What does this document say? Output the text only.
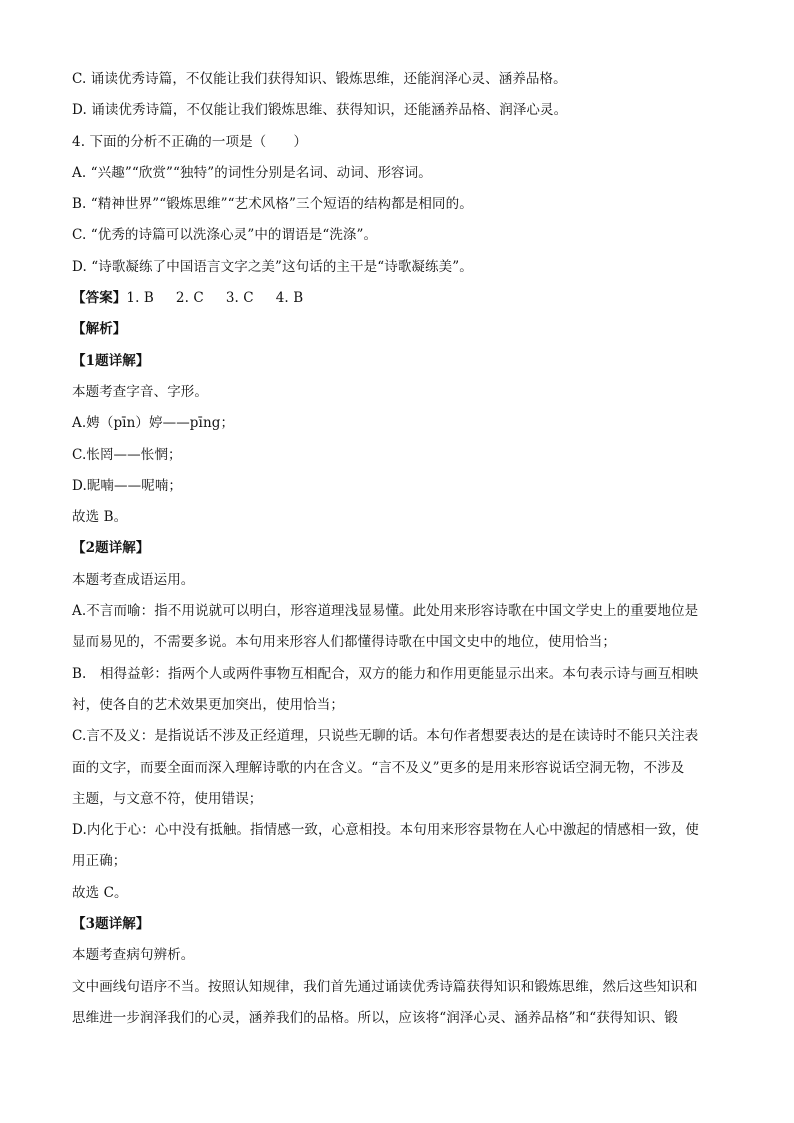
C. 诵读优秀诗篇，不仅能让我们获得知识、锻炼思维，还能润泽心灵、涵养品格。
D. 诵读优秀诗篇，不仅能让我们锻炼思维、获得知识，还能涵养品格、润泽心灵。
4. 下面的分析不正确的一项是（　　）
A. “兴趣”“欣赏”“独特”的词性分别是名词、动词、形容词。
B. “精神世界”“锻炼思维”“艺术风格”三个短语的结构都是相同的。
C. “优秀的诗篇可以洗涤心灵”中的谓语是“洗涤”。
D. “诗歌凝练了中国语言文字之美”这句话的主干是“诗歌凝练美”。
【答案】1. B 2. C 3. C 4. B
【解析】
【1题详解】
本题考查字音、字形。
A.娉（pīn）婷——pīng；
C.怅罔——怅惘；
D.昵喃——呢喃；
故选 B。
【2题详解】
本题考查成语运用。
A.不言而喻：指不用说就可以明白，形容道理浅显易懂。此处用来形容诗歌在中国文学史上的重要地位是
显而易见的，不需要多说。本句用来形容人们都懂得诗歌在中国文史中的地位，使用恰当；
B.　相得益彰：指两个人或两件事物互相配合，双方的能力和作用更能显示出来。本句表示诗与画互相映
衬，使各自的艺术效果更加突出，使用恰当；
C.言不及义：是指说话不涉及正经道理，只说些无聊的话。本句作者想要表达的是在读诗时不能只关注表
面的文字，而要全面而深入理解诗歌的内在含义。“言不及义”更多的是用来形容说话空洞无物，不涉及
主题，与文意不符，使用错误；
D.内化于心：心中没有抵触。指情感一致，心意相投。本句用来形容景物在人心中激起的情感相一致，使
用正确；
故选 C。
【3题详解】
本题考查病句辨析。
文中画线句语序不当。按照认知规律，我们首先通过诵读优秀诗篇获得知识和锻炼思维，然后这些知识和
思维进一步润泽我们的心灵，涵养我们的品格。所以，应该将“润泽心灵、涵养品格”和“获得知识、锻
